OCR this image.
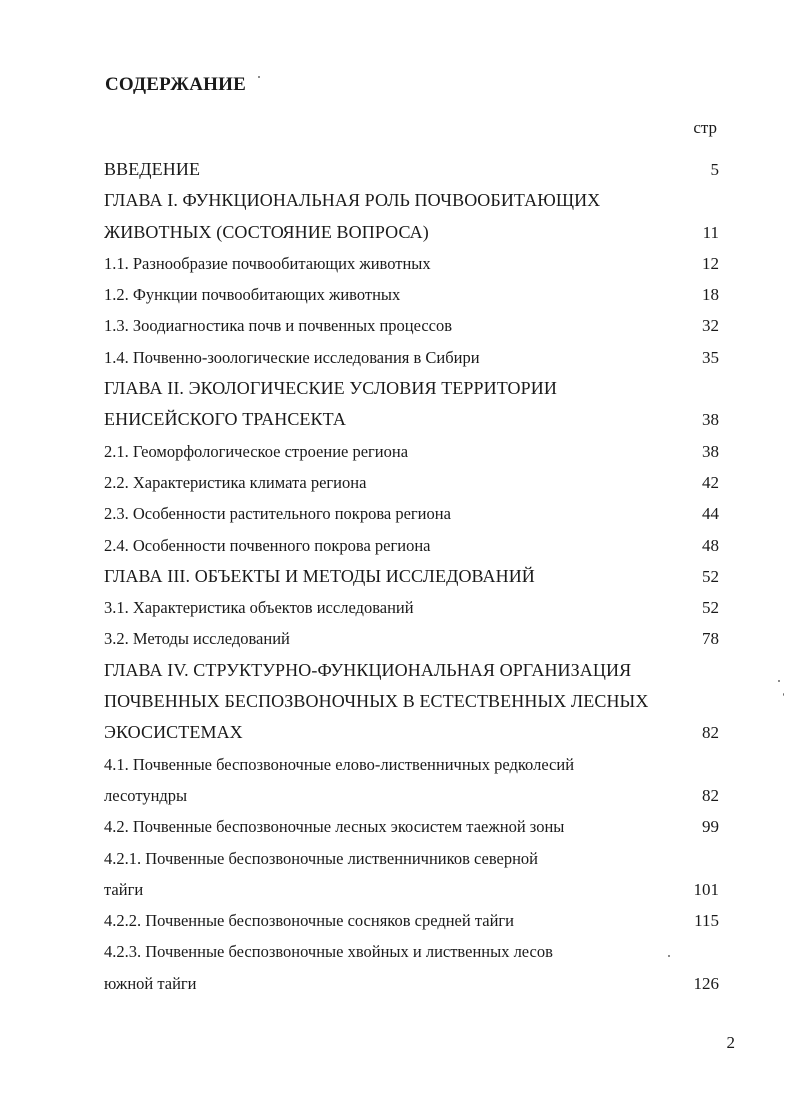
СОДЕРЖАНИЕ
стр
ВВЕДЕНИЕ	5
ГЛАВА I. ФУНКЦИОНАЛЬНАЯ РОЛЬ ПОЧВООБИТАЮЩИХ
ЖИВОТНЫХ (СОСТОЯНИЕ ВОПРОСА)	11
1.1. Разнообразие почвообитающих животных	12
1.2. Функции почвообитающих животных	18
1.3. Зоодиагностика почв и почвенных процессов	32
1.4. Почвенно-зоологические исследования в Сибири	35
ГЛАВА II. ЭКОЛОГИЧЕСКИЕ УСЛОВИЯ ТЕРРИТОРИИ
ЕНИСЕЙСКОГО ТРАНСЕКТА	38
2.1. Геоморфологическое строение региона	38
2.2. Характеристика климата региона	42
2.3. Особенности растительного покрова региона	44
2.4. Особенности почвенного покрова региона	48
ГЛАВА III. ОБЪЕКТЫ И МЕТОДЫ ИССЛЕДОВАНИЙ	52
3.1. Характеристика объектов исследований	52
3.2. Методы исследований	78
ГЛАВА IV. СТРУКТУРНО-ФУНКЦИОНАЛЬНАЯ ОРГАНИЗАЦИЯ
ПОЧВЕННЫХ БЕСПОЗВОНОЧНЫХ В ЕСТЕСТВЕННЫХ ЛЕСНЫХ
ЭКОСИСТЕМАХ	82
4.1. Почвенные беспозвоночные елово-лиственничных редколесий
лесотундры	82
4.2. Почвенные беспозвоночные лесных экосистем таежной зоны	99
4.2.1. Почвенные беспозвоночные лиственничников северной
тайги	101
4.2.2. Почвенные беспозвоночные сосняков средней тайги	115
4.2.3. Почвенные беспозвоночные хвойных и лиственных лесов
южной тайги	126
2
